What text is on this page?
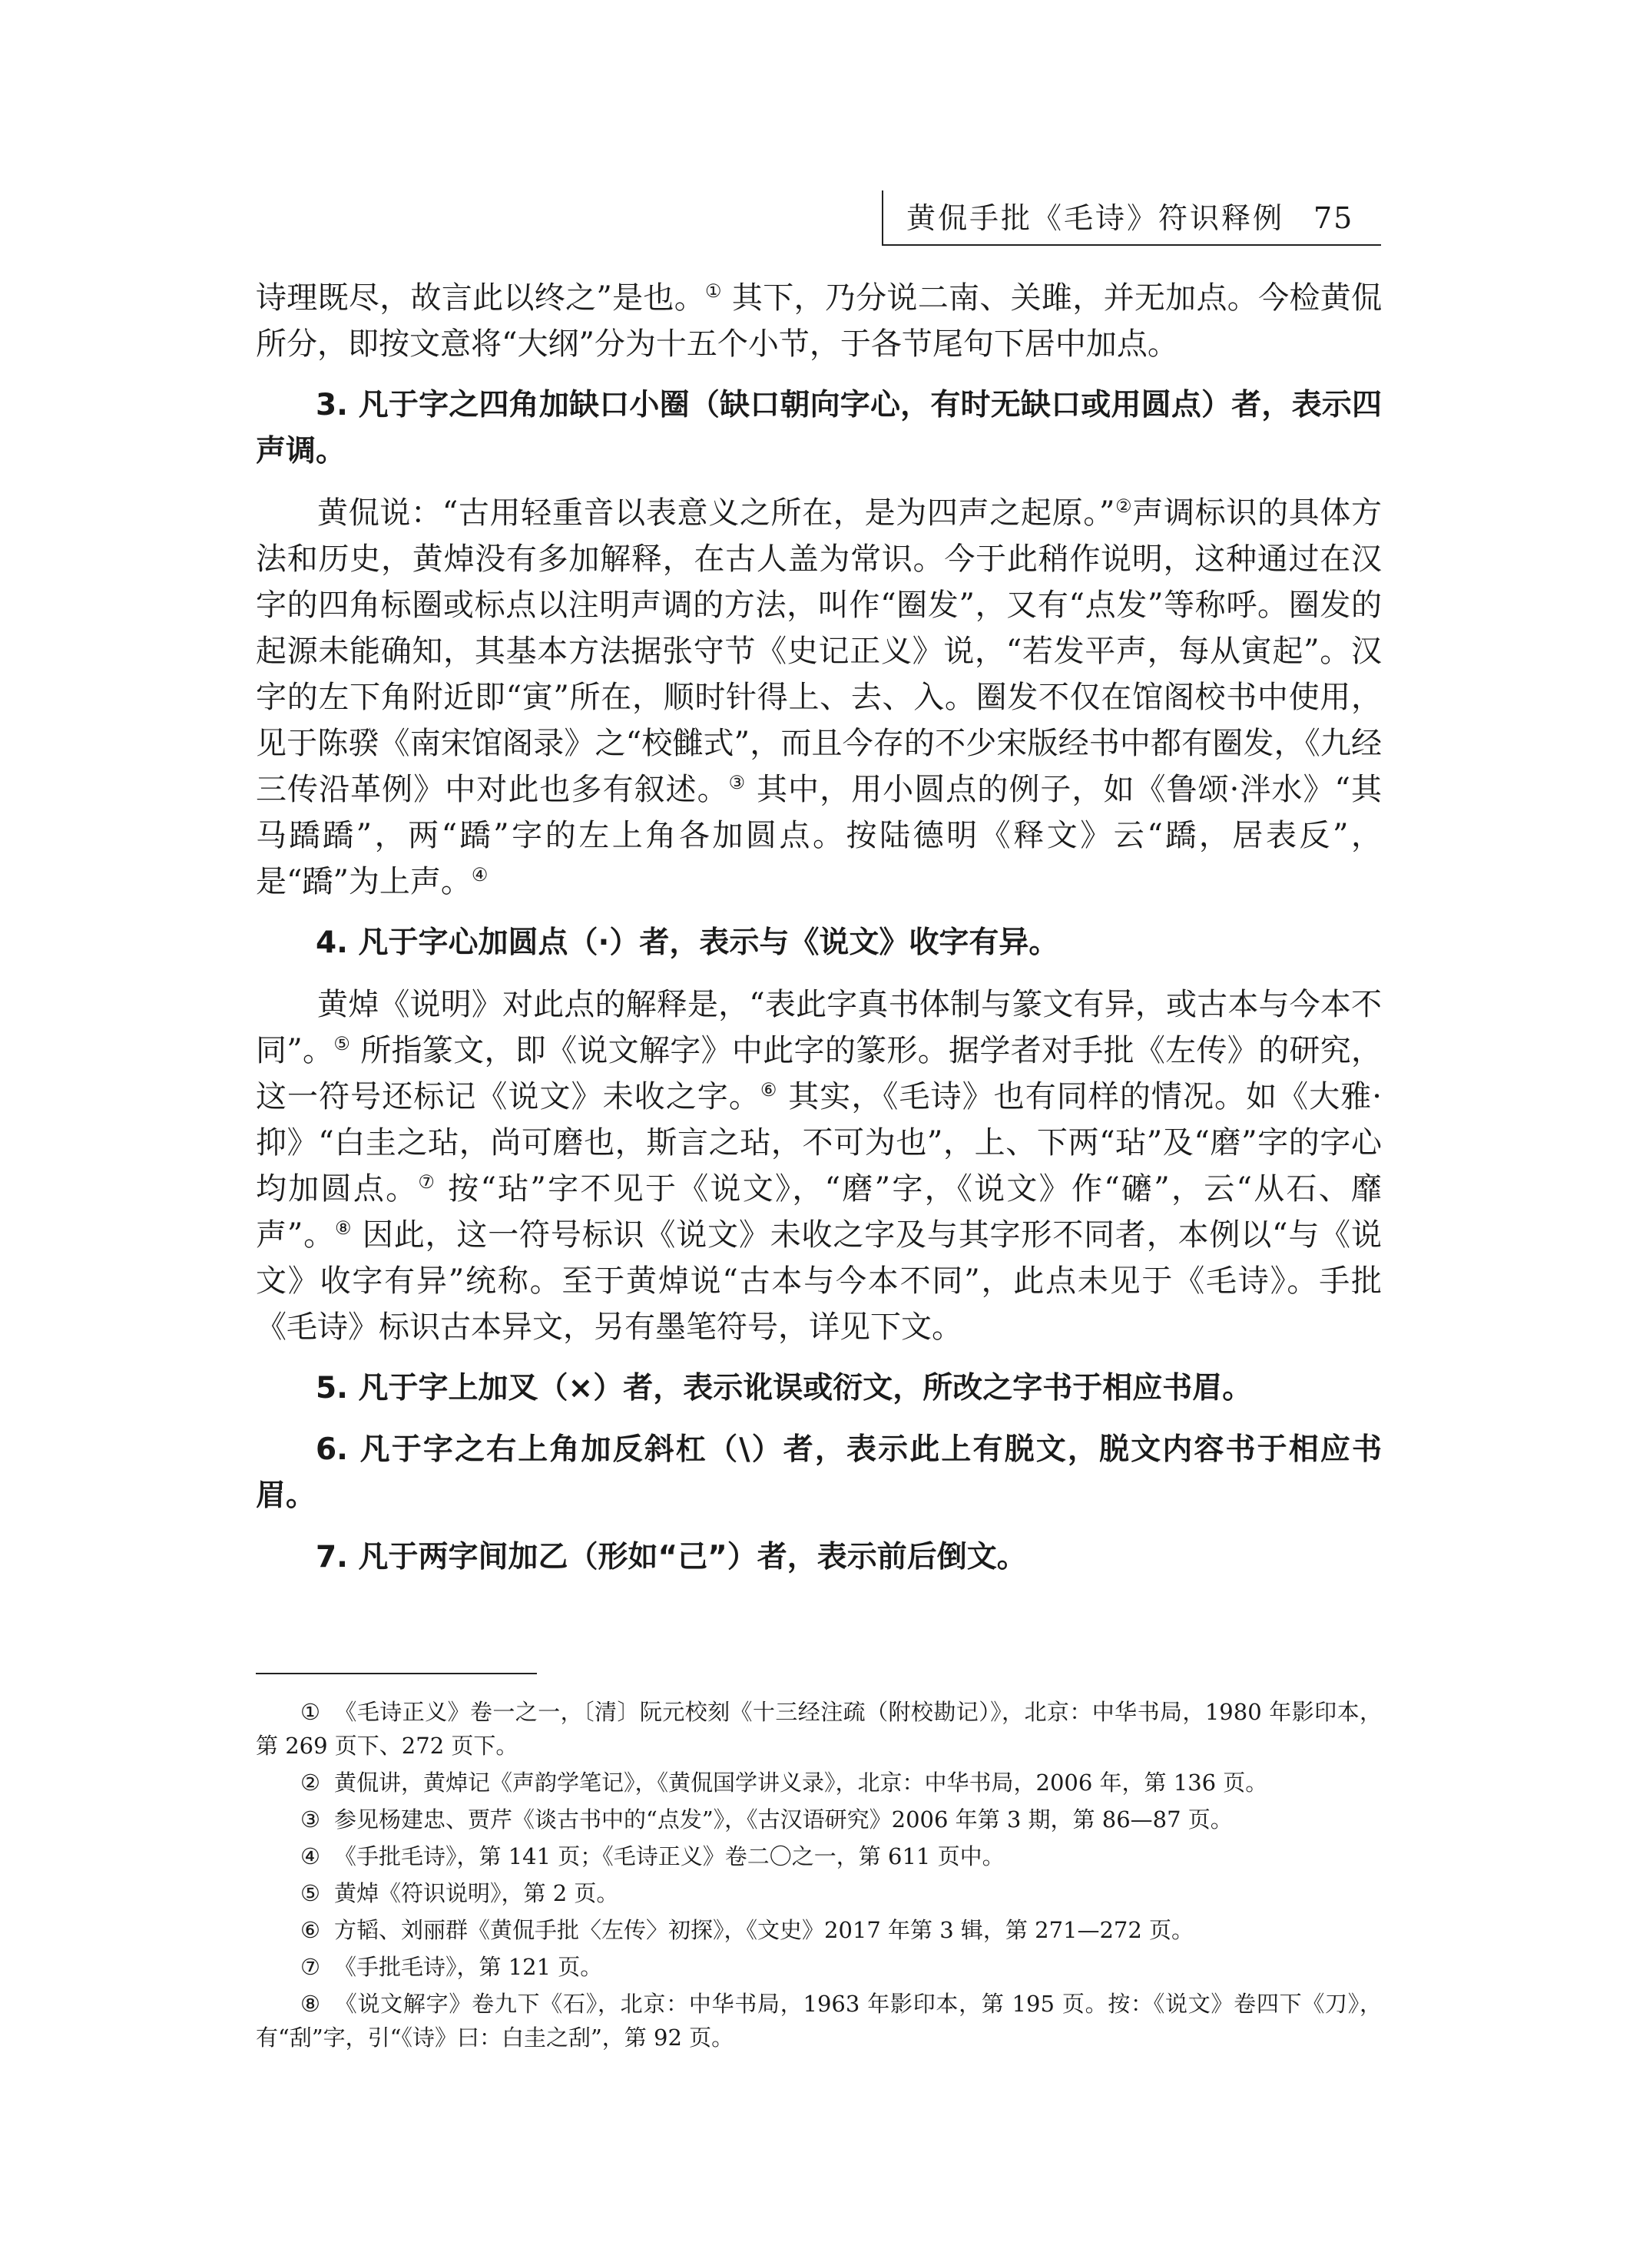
黄侃手批《毛诗》符识释例 75

诗理既尽，故言此以终之”是也。① 其下，乃分说二南、关雎，并无加点。今检黄侃所分，即按文意将“大纲”分为十五个小节，于各节尾句下居中加点。

3. 凡于字之四角加缺口小圈（缺口朝向字心，有时无缺口或用圆点）者，表示四声调。

黄侃说：“古用轻重音以表意义之所在，是为四声之起原。”②声调标识的具体方法和历史，黄焯没有多加解释，在古人盖为常识。今于此稍作说明，这种通过在汉字的四角标圈或标点以注明声调的方法，叫作“圈发”，又有“点发”等称呼。圈发的起源未能确知，其基本方法据张守节《史记正义》说，“若发平声，每从寅起”。汉字的左下角附近即“寅”所在，顺时针得上、去、入。圈发不仅在馆阁校书中使用，见于陈骙《南宋馆阁录》之“校雠式”，而且今存的不少宋版经书中都有圈发，《九经三传沿革例》中对此也多有叙述。③ 其中，用小圆点的例子，如《鲁颂·泮水》“其马蹻蹻”，两“蹻”字的左上角各加圆点。按陆德明《释文》云“蹻，居表反”，是“蹻”为上声。④

4. 凡于字心加圆点（·）者，表示与《说文》收字有异。

黄焯《说明》对此点的解释是，“表此字真书体制与篆文有异，或古本与今本不同”。⑤ 所指篆文，即《说文解字》中此字的篆形。据学者对手批《左传》的研究，这一符号还标记《说文》未收之字。⑥ 其实，《毛诗》也有同样的情况。如《大雅·抑》“白圭之玷，尚可磨也，斯言之玷，不可为也”，上、下两“玷”及“磨”字的字心均加圆点。⑦ 按“玷”字不见于《说文》，“磨”字，《说文》作“礳”，云“从石、靡声”。⑧ 因此，这一符号标识《说文》未收之字及与其字形不同者，本例以“与《说文》收字有异”统称。至于黄焯说“古本与今本不同”，此点未见于《毛诗》。手批《毛诗》标识古本异文，另有墨笔符号，详见下文。

5. 凡于字上加叉（×）者，表示讹误或衍文，所改之字书于相应书眉。

6. 凡于字之右上角加反斜杠（\）者，表示此上有脱文，脱文内容书于相应书眉。

7. 凡于两字间加乙（形如“己”）者，表示前后倒文。

① 《毛诗正义》卷一之一，〔清〕阮元校刻《十三经注疏（附校勘记）》，北京：中华书局，1980 年影印本，第 269 页下、272 页下。

② 黄侃讲，黄焯记《声韵学笔记》，《黄侃国学讲义录》，北京：中华书局，2006 年，第 136 页。

③ 参见杨建忠、贾芹《谈古书中的“点发”》，《古汉语研究》2006 年第 3 期，第 86—87 页。

④ 《手批毛诗》，第 141 页；《毛诗正义》卷二〇之一，第 611 页中。

⑤ 黄焯《符识说明》，第 2 页。

⑥ 方韬、刘丽群《黄侃手批〈左传〉初探》，《文史》2017 年第 3 辑，第 271—272 页。

⑦ 《手批毛诗》，第 121 页。

⑧ 《说文解字》卷九下《石》，北京：中华书局，1963 年影印本，第 195 页。按：《说文》卷四下《刀》，有“刮”字，引“《诗》曰：白圭之刮”，第 92 页。
